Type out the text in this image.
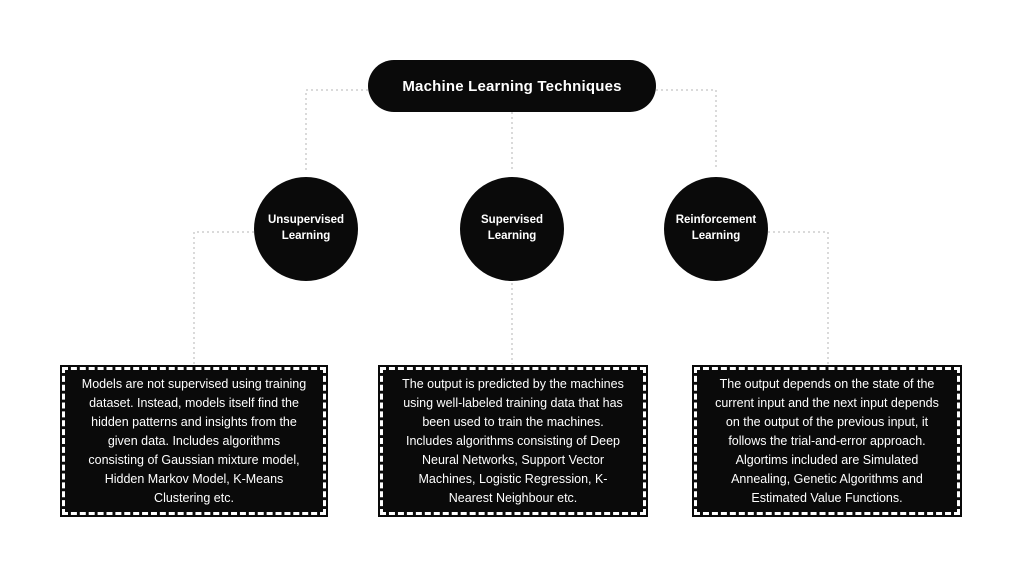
Machine Learning Techniques
Unsupervised
Learning
Supervised
Learning
Reinforcement
Learning
Models are not supervised using training dataset. Instead, models itself find the hidden patterns and insights from the given data. Includes algorithms consisting of Gaussian mixture model, Hidden Markov Model, K-Means Clustering etc.
The output is predicted by the machines using well-labeled training data that has been used to train the machines. Includes algorithms consisting of Deep Neural Networks, Support Vector Machines, Logistic Regression, K-Nearest Neighbour etc.
The output depends on the state of the current input and the next input depends on the output of the previous input, it follows the trial-and-error approach. Algortims included are Simulated Annealing, Genetic Algorithms and Estimated Value Functions.
